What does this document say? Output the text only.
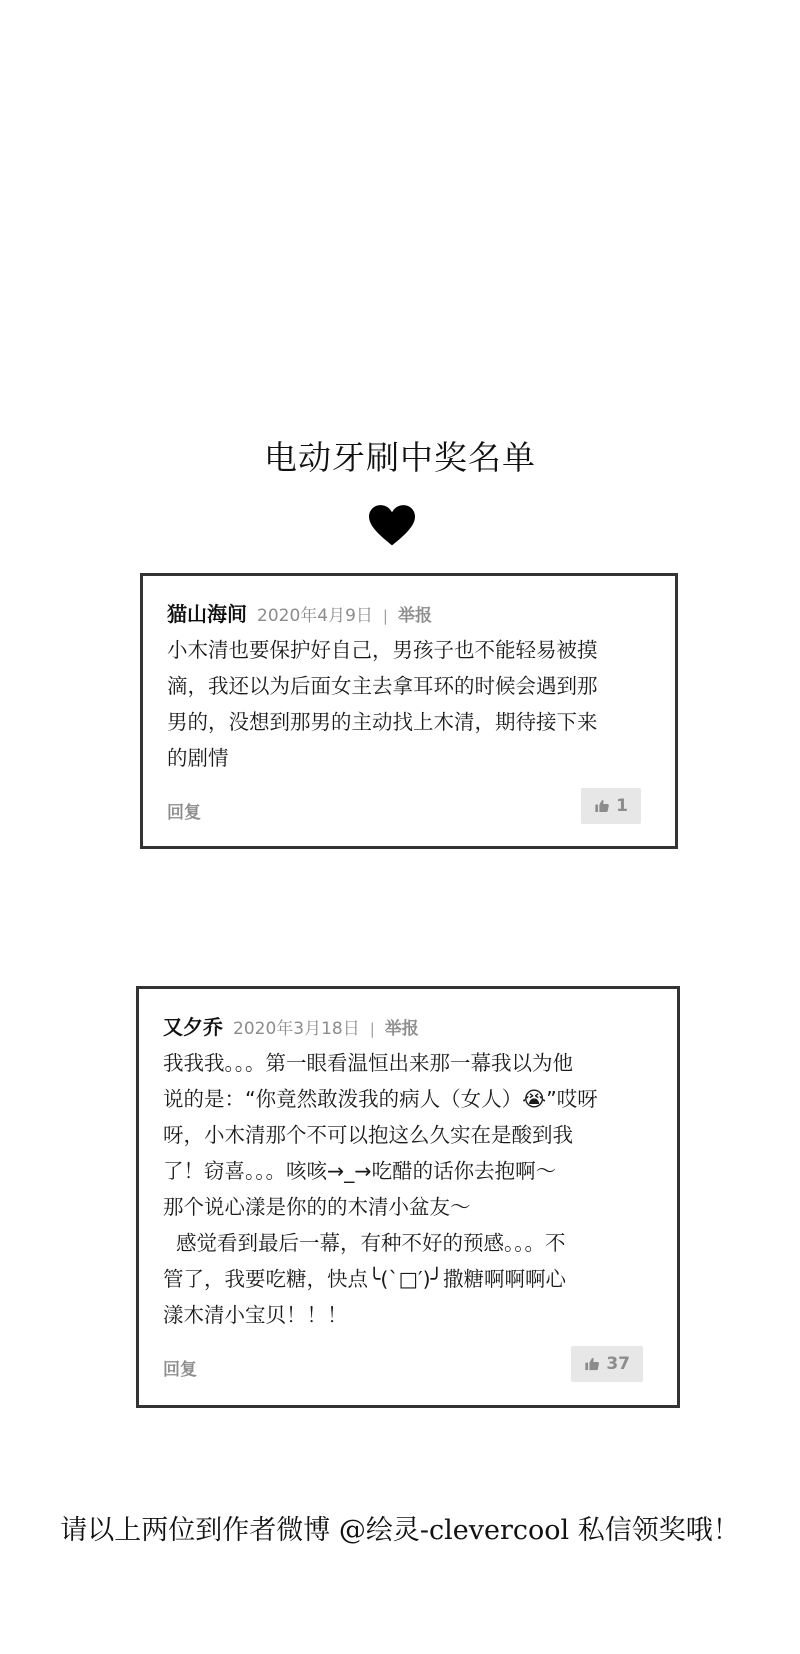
电动牙刷中奖名单
猫山海间 2020年4月9日 | 举报

小木清也要保护好自己，男孩子也不能轻易被摸
滴，我还以为后面女主去拿耳环的时候会遇到那
男的，没想到那男的主动找上木清，期待接下来
的剧情

回复	1
又夕乔 2020年3月18日 | 举报

我我我。。。第一眼看温恒出来那一幕我以为他
说的是：“你竟然敢泼我的病人（女人）😭”哎呀
呀，小木清那个不可以抱这么久实在是酸到我
了！窃喜。。。咳咳→_→吃醋的话你去抱啊～
那个说心漾是你的的木清小盆友～
感觉看到最后一幕，有种不好的预感。。。不
管了，我要吃糖，快点╰(`□′)╯撒糖啊啊啊心
漾木清小宝贝！！！

回复	37
请以上两位到作者微博 @绘灵-clevercool 私信领奖哦！
